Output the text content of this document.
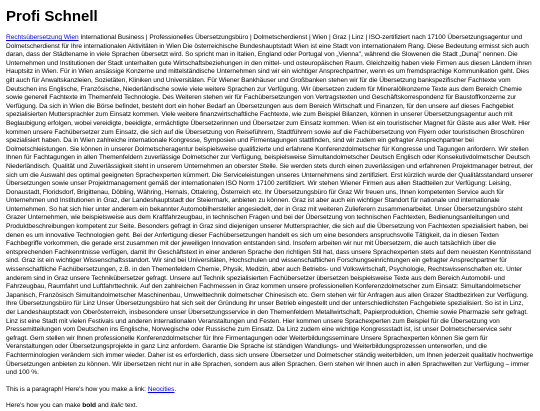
Profi Schnell

Rechtsübersetzung Wien International Business | Professionelles Übersetzungsbüro | Dolmetscherdienst | Wien | Graz | Linz | ISO-zertifiziert nach 17100 Übersetzungsagentur und Dolmetscherdienst für Ihre internationalen Aktivitäten in Wien Die österreichische Bundeshauptstadt Wien ist eine Stadt von internationalem Rang. Diese Bedeutung ermisst sich auch daran, dass der Städtename in viele Sprachen übersetzt wird. So spricht man in Italien, England oder Portugal von „Vienna", während die Slowenen die Stadt „Dunaj" nennen. Die Unternehmen und Institutionen der Stadt unterhalten gute Wirtschaftsbeziehungen in den mittel- und osteuropäischen Raum. Gleichzeitig haben viele Firmen aus diesen Ländern ihren Hauptsitz in Wien. Für in Wien ansässige Konzerne und mittelständische Unternehmen sind wir ein wichtiger Ansprechpartner, wenn es um fremdsprachige Kommunikation geht. Dies gilt auch für Anwaltskanzleien, Sozietäten, Kliniken und Universitäten. Für Wiener Bankhäuser und Großbanken stehen wir für die Übersetzung bankspezifischer Fachtexte vom Deutschen ins Englische, Französische, Niederländische sowie viele weitere Sprachen zur Verfügung. Wir übersetzen zudem für Mineralölkonzerne Texte aus dem Bereich Chemie sowie generell Fachtexte im Themenfeld Technologie. Des Weiteren stehen wir für Fachübersetzungen von Vertragstexten und Geschäftskorrespondenz für Baustoffkonzerne zur Verfügung. Da sich in Wien die Börse befindet, besteht dort ein hoher Bedarf an Übersetzungen aus dem Bereich Wirtschaft und Finanzen, für den unsere auf dieses Fachgebiet spezialisierten Muttersprachler zum Einsatz kommen. Viele weitere finanzwirtschaftliche Fachtexte, wie zum Beispiel Bilanzen, können in unserer Übersetzungsagentur auch mit Beglaubigung erfolgen, wobei vereidigte, beeidigte, ermächtigte Übersetzerinnen und Übersetzer zum Einsatz kommen. Wien ist ein touristischer Magnet für Gäste aus aller Welt. Hier kommen unsere Fachübersetzer zum Einsatz, die sich auf die Übersetzung von Reiseführern, Stadtführern sowie auf die Fachübersetzung von Flyern oder touristischen Broschüren spezialisiert haben. Da in Wien zahlreiche internationale Kongresse, Symposien und Firmentagungen stattfinden, sind wir zudem ein gefragter Ansprechpartner bei Dolmetschleistungen. Sie können in unserer Dolmetscheragentur beispielsweise qualifizierte und erfahrene Konferenzdolmetscher für Kongresse und Tagungen anfordern. Wir stellen Ihnen für Fachtagungen in allen Themenfeldern zuverlässige Dolmetscher zur Verfügung, beispielsweise Simultandolmetscher Deutsch Englisch oder Konsekutivdolmetscher Deutsch Niederländisch. Qualität und Zuverlässigkeit steht in unserem Unternehmen an oberster Stelle. Sie werden stets durch einen zuverlässigen und erfahrenen Projektmanager betreut, der sich um die Auswahl des optimal geeigneten Sprachexperten kümmert. Die Serviceleistungen unseres Unternehmens sind zertifiziert. Erst kürzlich wurde der Qualitätsstandard unserer Übersetzungen sowie unser Projektmanagement gemäß der internationalen ISO Norm 17100 zertifiziert. Wir stehen Wiener Firmen aus allen Stadtteilen zur Verfügung: Leising, Donaustadt, Floridsdorf, Brigittenau, Döbling, Währing, Hernals, Ottakring, Österreich etc. Ihr Übersetzungsbüro für Graz Wir freuen uns, Ihnen kompetenten Service auch für Unternehmen und Institutionen in Graz, der Landeshauptstadt der Steiermark, anbieten zu können. Graz ist aber auch ein wichtiger Standort für nationale und internationale Unternehmen. So hat sich hier unter anderem ein bekannter Automobilhersteller angesiedelt, der in Graz mit weiteren Zulieferern zusammenarbeitet. Unser Übersetzungsbüro steht Grazer Unternehmen, wie beispielsweise aus dem Kraftfahrzeugbau, in technischen Fragen und bei der Übersetzung von technischen Fachtexten, Bedienungsanleitungen und Produktbeschreibungen kompetent zur Seite. Besonders gefragt in Graz sind diejenigen unserer Muttersprachler, die sich auf die Übersetzung von Fachtexten spezialisiert haben, bei denen es um innovative Technologien geht. Bei der Anfertigung dieser Fachübersetzungen handelt es sich um eine besonders anspruchsvolle Tätigkeit, da in diesen Texten Fachbegriffe vorkommen, die gerade erst zusammen mit der jeweiligen Innovation entstanden sind. Insofern arbeiten wir nur mit Übersetzern, die auch tatsächlich über die entsprechenden Fachkenntnisse verfügen, damit Ihr Geschäftstext in einer anderen Sprache den richtigen Stil hat, dass unsere Sprachexperten stets auf dem neuesten Kenntnisstand sind. Graz ist ein wichtiger Wissenschaftsstandort. Wir sind bei Universitäten, Hochschulen und wissenschaftlichen Forschungseinrichtungen ein gefragter Ansprechpartner für wissenschaftliche Fachübersetzungen, z.B. in den Themenfeldern Chemie, Physik, Medizin, aber auch Betriebs- und Volkswirtschaft, Psychologie, Rechtswissenschaften etc. Unter anderem sind in Graz unsere Technikübersetzer gefragt. Unsere auf Technik spezialisierten Fachübersetzer übersetzen beispielsweise Texte aus dem Bereich Automobil- und Fahrzeugbau, Raumfahrt und Luftfahrttechnik. Auf den zahlreichen Fachmessen in Graz kommen unsere professionellen Konferenzdolmetscher zum Einsatz: Simultandolmetscher Japanisch, Französisch Simultandolmetscher Maschinenbau, Umwelttechnik dolmetscher Chinesisch etc. Gern stehen wir für Anfragen aus allen Grazer Stadtbezirken zur Verfügung. Ihre Übersetzungsbüro für Linz Unser Übersetzungsbüro hat sich seit der Gründung ihr unser Betrieb eingestellt und der unterschiedlichsten Fachgebiete spezialisiert. So ist in Linz, der Landeshauptstadt von Oberösterreich, insbesondere unser Übersetzungsservice in den Themenfeldern Metallwirtschaft, Papierproduktion, Chemie sowie Pharmazie sehr gefragt. Linz ist eine Stadt mit vielen Festivals und anderen internationalen Veranstaltungen und Festen. Hier kommen unsere Sprachexperten zum Beispiel für die Übersetzung von Pressemitteilungen vom Deutschen ins Englische, Norwegische oder Russische zum Einsatz. Da Linz zudem eine wichtige Kongressstadt ist, ist unser Dolmetscherservice sehr gefragt. Gern stellen wir Ihnen professionelle Konferenzdolmetscher für Ihre Firmentagungen oder Weiterbildungsseminare Unsere Sprachexperten können Sie gern für Veranstaltungen oder Übersetzungsprojekte in ganz Linz anfordern. Garantie Die Sprache ist ständigen Wandlungs- und Weiterbildungsprozessen unterworfen, und die Fachterminologien verändern sich immer wieder. Daher ist es erforderlich, dass sich unsere Übersetzer und Dolmetscher ständig weiterbilden, um Ihnen jederzeit qualitativ hochwertige Übersetzungen anbieten zu können. Wir übersetzen nicht nur in alle Sprachen, sondern aus allen Sprachen. Gern stehen wir Ihnen auch in allen Sprachwelten zur Verfügung – immer und 100 %.

This is a paragraph! Here's how you make a link: Neocities.

Here's how you can make bold and italic text.
